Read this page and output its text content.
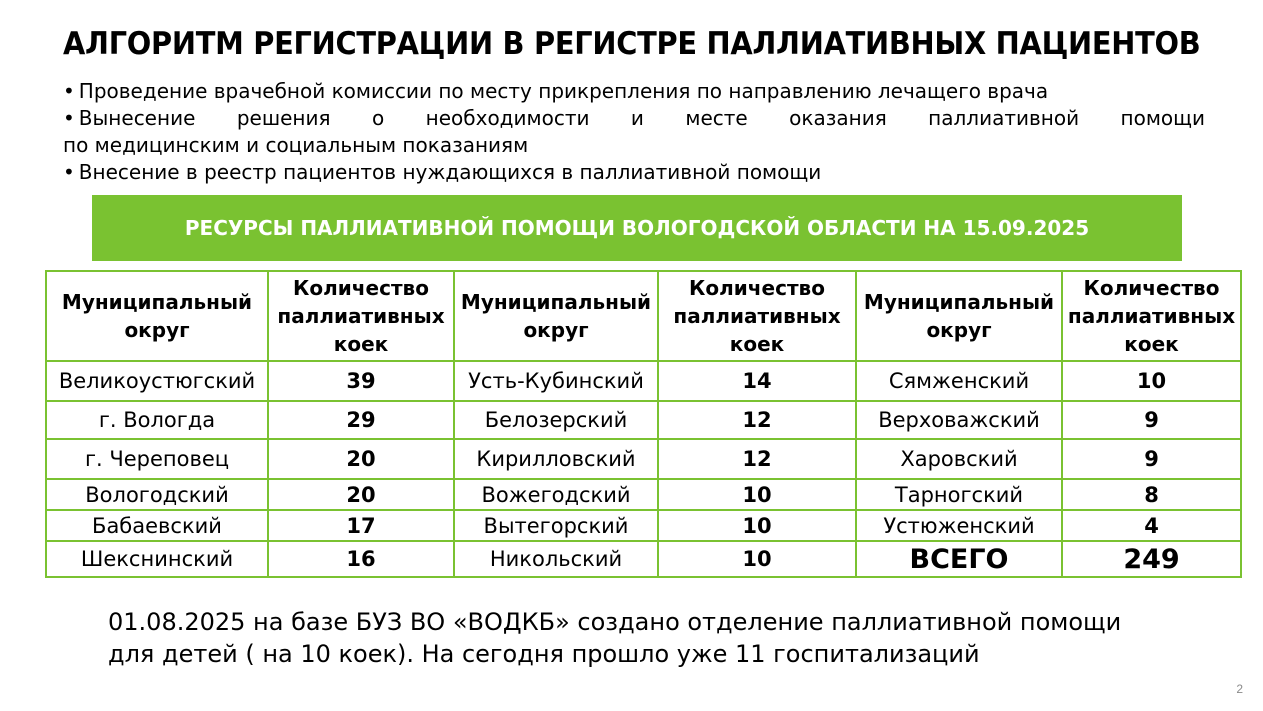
АЛГОРИТМ РЕГИСТРАЦИИ В РЕГИСТРЕ ПАЛЛИАТИВНЫХ ПАЦИЕНТОВ

• Проведение врачебной комиссии по месту прикрепления по направлению лечащего врача

• Вынесение решения о необходимости и месте оказания паллиативной помощи

по медицинским и социальным показаниям

• Внесение в реестр пациентов нуждающихся в паллиативной помощи

РЕСУРСЫ ПАЛЛИАТИВНОЙ ПОМОЩИ ВОЛОГОДСКОЙ ОБЛАСТИ НА 15.09.2025
Муниципальный округ	Количество паллиативных коек	Муниципальный округ	Количество паллиативных коек	Муниципальный округ	Количество паллиативных коек
Великоустюгский	39	Усть-Кубинский	14	Сямженский	10
г. Вологда	29	Белозерский	12	Верховажский	9
г. Череповец	20	Кирилловский	12	Харовский	9
Вологодский	20	Вожегодский	10	Тарногский	8
Бабаевский	17	Вытегорский	10	Устюженский	4
Шекснинский	16	Никольский	10	ВСЕГО	249
01.08.2025 на базе БУЗ ВО «ВОДКБ» создано отделение паллиативной помощи
для детей ( на 10 коек). На сегодня прошло уже 11 госпитализаций
2
